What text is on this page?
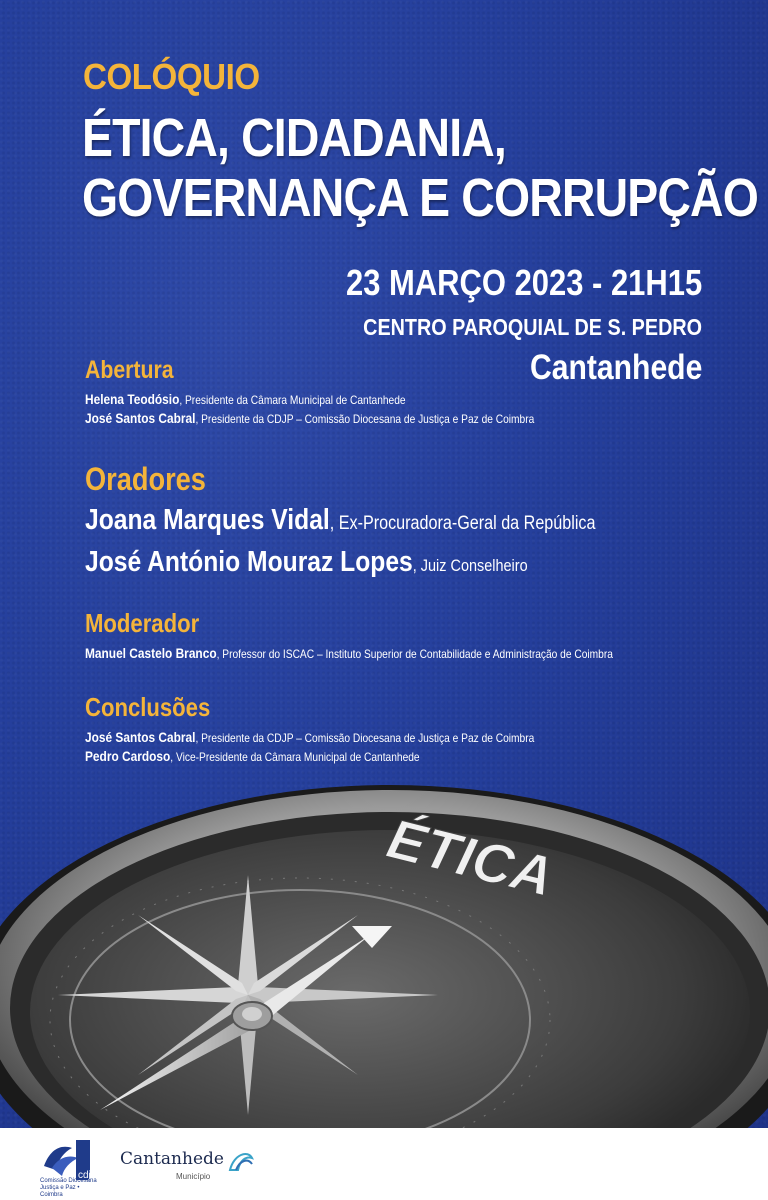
COLÓQUIO
ÉTICA, CIDADANIA,
GOVERNANÇA E CORRUPÇÃO
23 MARÇO 2023 - 21H15
CENTRO PAROQUIAL DE S. PEDRO
Cantanhede
Abertura
Helena Teodósio, Presidente da Câmara Municipal de Cantanhede
José Santos Cabral, Presidente da CDJP – Comissão Diocesana de Justiça e Paz de Coimbra
Oradores
Joana Marques Vidal, Ex-Procuradora-Geral da República
José António Mouraz Lopes, Juiz Conselheiro
Moderador
Manuel Castelo Branco, Professor do ISCAC – Instituto Superior de Contabilidade e Administração de Coimbra
Conclusões
José Santos Cabral, Presidente da CDJP – Comissão Diocesana de Justiça e Paz de Coimbra
Pedro Cardoso, Vice-Presidente da Câmara Municipal de Cantanhede
ÉTICA
cdjp
Comissão Diocesana Justiça e Paz • Coimbra
Cantanhede
Município
